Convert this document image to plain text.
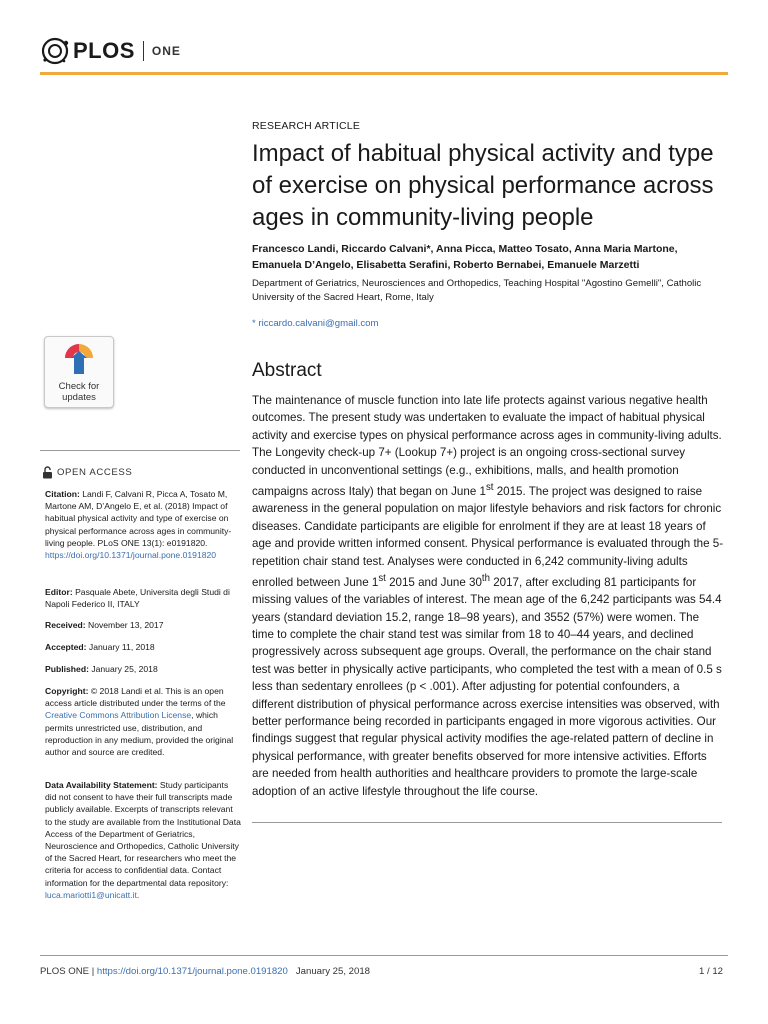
PLOS ONE
RESEARCH ARTICLE
Impact of habitual physical activity and type of exercise on physical performance across ages in community-living people
Francesco Landi, Riccardo Calvani*, Anna Picca, Matteo Tosato, Anna Maria Martone,
Emanuela D’Angelo, Elisabetta Serafini, Roberto Bernabei, Emanuele Marzetti
Department of Geriatrics, Neurosciences and Orthopedics, Teaching Hospital "Agostino Gemelli", Catholic University of the Sacred Heart, Rome, Italy
* riccardo.calvani@gmail.com
Abstract

The maintenance of muscle function into late life protects against various negative health outcomes. The present study was undertaken to evaluate the impact of habitual physical activity and exercise types on physical performance across ages in community-living adults. The Longevity check-up 7+ (Lookup 7+) project is an ongoing cross-sectional survey conducted in unconventional settings (e.g., exhibitions, malls, and health promotion campaigns across Italy) that began on June 1st 2015. The project was designed to raise awareness in the general population on major lifestyle behaviors and risk factors for chronic diseases. Candidate participants are eligible for enrolment if they are at least 18 years of age and provide written informed consent. Physical performance is evaluated through the 5-repetition chair stand test. Analyses were conducted in 6,242 community-living adults enrolled between June 1st 2015 and June 30th 2017, after excluding 81 participants for missing values of the variables of interest. The mean age of the 6,242 participants was 54.4 years (standard deviation 15.2, range 18–98 years), and 3552 (57%) were women. The time to complete the chair stand test was similar from 18 to 40–44 years, and declined progressively across subsequent age groups. Overall, the performance on the chair stand test was better in physically active participants, who completed the test with a mean of 0.5 s less than sedentary enrollees (p < .001). After adjusting for potential confounders, a different distribution of physical performance across exercise intensities was observed, with better performance being recorded in participants engaged in more vigorous activities. Our findings suggest that regular physical activity modifies the age-related pattern of decline in physical performance, with greater benefits observed for more intensive activities. Efforts are needed from health authorities and healthcare providers to promote the large-scale adoption of an active lifestyle throughout the life course.

Check for
updates
OPEN ACCESS
Citation: Landi F, Calvani R, Picca A, Tosato M, Martone AM, D’Angelo E, et al. (2018) Impact of habitual physical activity and type of exercise on physical performance across ages in community-living people. PLoS ONE 13(1): e0191820. https://doi.org/10.1371/journal.pone.0191820
Editor: Pasquale Abete, Universita degli Studi di Napoli Federico II, ITALY
Received: November 13, 2017
Accepted: January 11, 2018
Published: January 25, 2018
Copyright: © 2018 Landi et al. This is an open access article distributed under the terms of the Creative Commons Attribution License, which permits unrestricted use, distribution, and reproduction in any medium, provided the original author and source are credited.
Data Availability Statement: Study participants did not consent to have their full transcripts made publicly available. Excerpts of transcripts relevant to the study are available from the Institutional Data Access of the Department of Geriatrics, Neuroscience and Orthopedics, Catholic University of the Sacred Heart, for researchers who meet the criteria for access to confidential data. Contact information for the departmental data repository: luca.mariotti1@unicatt.it.
PLOS ONE | https://doi.org/10.1371/journal.pone.0191820 January 25, 2018	1 / 12
